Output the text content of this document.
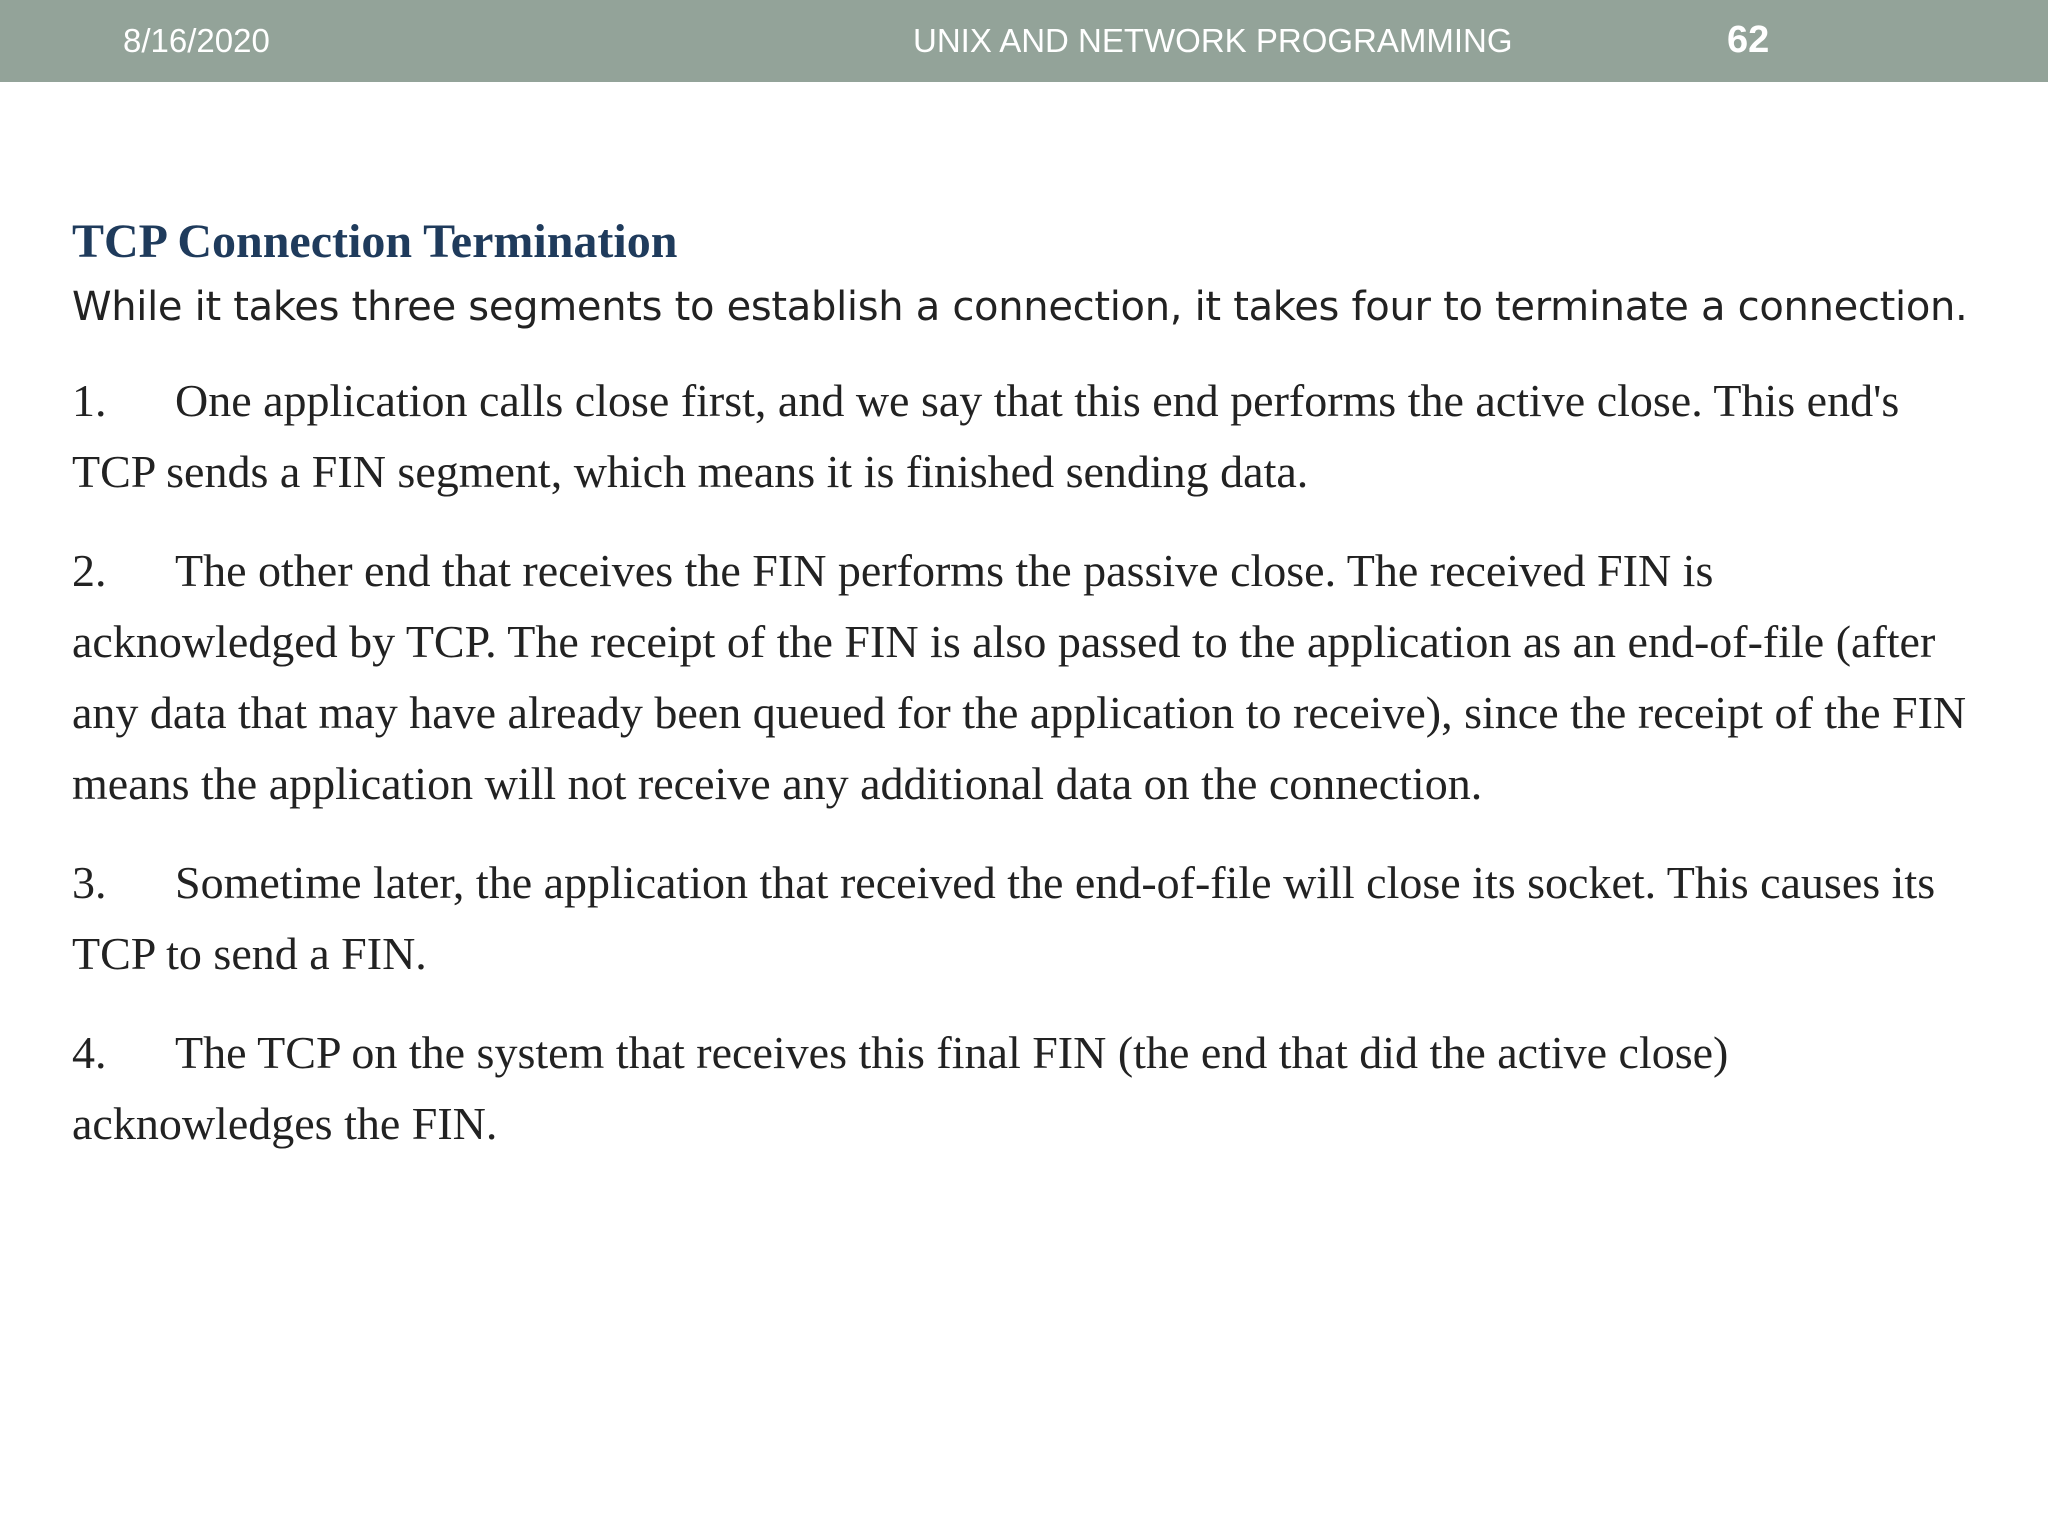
8/16/2020	UNIX AND NETWORK PROGRAMMING	62
TCP Connection Termination

While it takes three segments to establish a connection, it takes four to terminate a connection.

1. One application calls close first, and we say that this end performs the active close. This end's TCP sends a FIN segment, which means it is finished sending data.
2. The other end that receives the FIN performs the passive close. The received FIN is acknowledged by TCP. The receipt of the FIN is also passed to the application as an end-of-file (after any data that may have already been queued for the application to receive), since the receipt of the FIN means the application will not receive any additional data on the connection.
3. Sometime later, the application that received the end-of-file will close its socket. This causes its TCP to send a FIN.
4. The TCP on the system that receives this final FIN (the end that did the active close) acknowledges the FIN.
